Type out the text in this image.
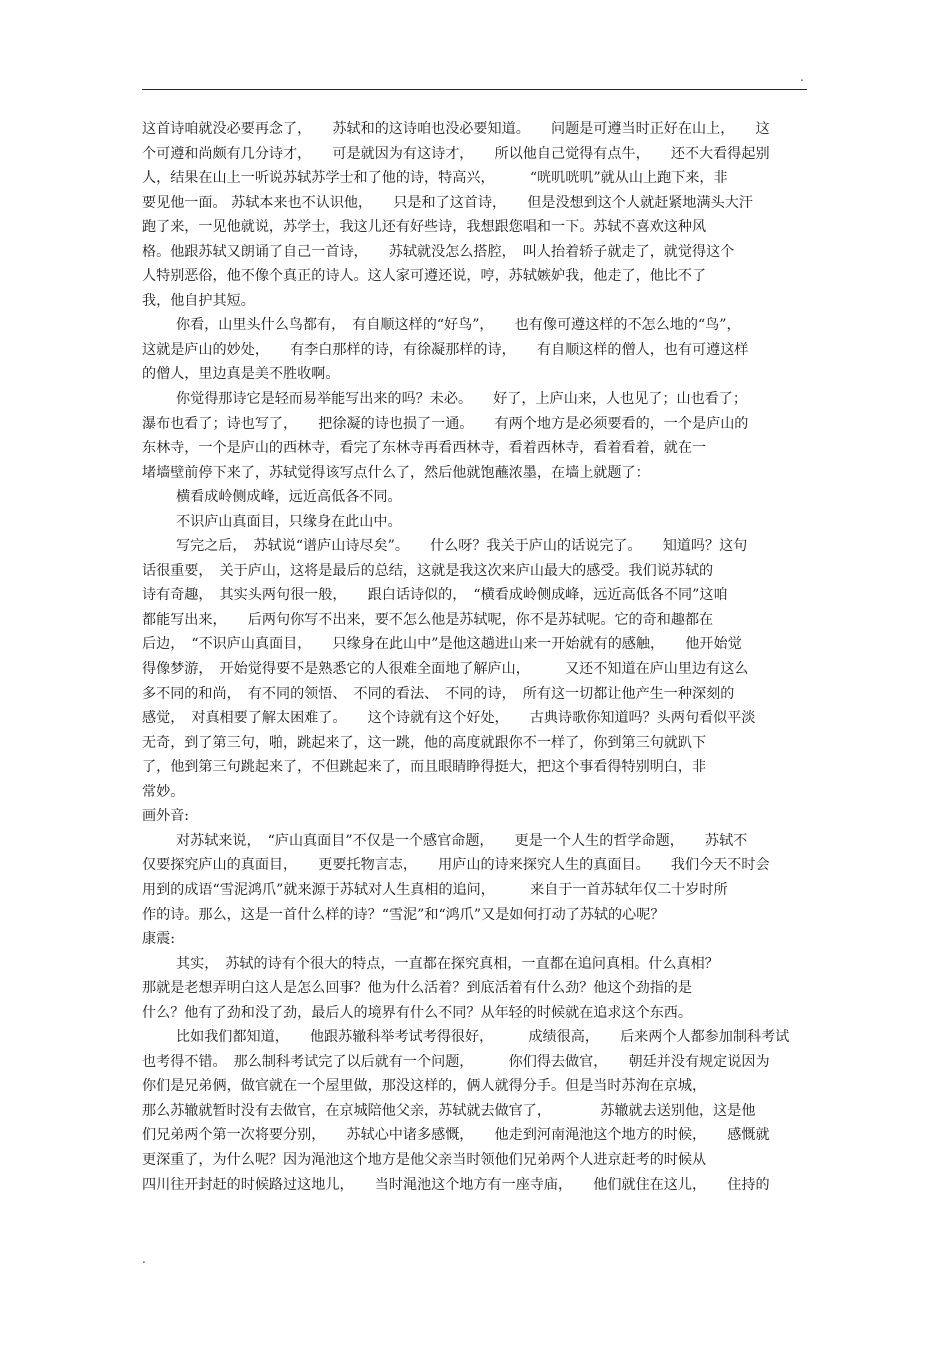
.
这首诗咱就没必要再念了，　　苏轼和的这诗咱也没必要知道。　　问题是可遵当时正好在山上，　　这
个可遵和尚颇有几分诗才，　　可是就因为有这诗才，　　所以他自己觉得有点牛，　　还不大看得起别
人，结果在山上一听说苏轼苏学士和了他的诗，特高兴，　　　“咣叽咣叽”就从山上跑下来，非
要见他一面。 苏轼本来也不认识他，　　只是和了这首诗，　　但是没想到这个人就赶紧地满头大汗
跑了来，一见他就说，苏学士，我这儿还有好些诗，我想跟您唱和一下。苏轼不喜欢这种风
格。他跟苏轼又朗诵了自己一首诗，　　苏轼就没怎么搭腔，　叫人抬着轿子就走了，就觉得这个
人特别恶俗，他不像个真正的诗人。这人家可遵还说，哼，苏轼嫉妒我，他走了，他比不了
我，他自护其短。
你看，山里头什么鸟都有，　有自顺这样的“好鸟”，　　也有像可遵这样的不怎么地的“鸟”，
这就是庐山的妙处，　　有李白那样的诗，有徐凝那样的诗，　　有自顺这样的僧人，也有可遵这样
的僧人，里边真是美不胜收啊。
你觉得那诗它是轻而易举能写出来的吗？未必。　　好了，上庐山来，人也见了；山也看了；
瀑布也看了；诗也写了，　　把徐凝的诗也损了一通。　　有两个地方是必须要看的，一个是庐山的
东林寺，一个是庐山的西林寺，看完了东林寺再看西林寺，看着西林寺，看着看着，就在一
堵墙壁前停下来了，苏轼觉得该写点什么了，然后他就饱蘸浓墨，在墙上就题了：
横看成岭侧成峰，远近高低各不同。
不识庐山真面目，只缘身在此山中。
写完之后，　苏轼说“谱庐山诗尽矣”。　　什么呀？我关于庐山的话说完了。　　知道吗？这句
话很重要，　关于庐山，这将是最后的总结，这就是我这次来庐山最大的感受。我们说苏轼的
诗有奇趣，　其实头两句很一般，　　跟白话诗似的，　“横看成岭侧成峰，远近高低各不同”这咱
都能写出来，　　后两句你写不出来，要不怎么他是苏轼呢，你不是苏轼呢。它的奇和趣都在
后边，　“不识庐山真面目，　　只缘身在此山中”是他这趟进山来一开始就有的感触，　　他开始觉
得像梦游，　开始觉得要不是熟悉它的人很难全面地了解庐山，　　　又还不知道在庐山里边有这么
多不同的和尚，　有不同的领悟、　不同的看法、　不同的诗，　所有这一切都让他产生一种深刻的
感觉，　对真相要了解太困难了。　　这个诗就有这个好处，　　古典诗歌你知道吗？头两句看似平淡
无奇，到了第三句，啪，跳起来了，这一跳，他的高度就跟你不一样了，你到第三句就趴下
了，他到第三句跳起来了，不但跳起来了，而且眼睛睁得挺大，把这个事看得特别明白，非
常妙。
画外音:
对苏轼来说，　“庐山真面目”不仅是一个感官命题，　　更是一个人生的哲学命题，　　苏轼不
仅要探究庐山的真面目，　　更要托物言志，　　用庐山的诗来探究人生的真面目。　　我们今天不时会
用到的成语“雪泥鸿爪”就来源于苏轼对人生真相的追问，　　　来自于一首苏轼年仅二十岁时所
作的诗。那么，这是一首什么样的诗？“雪泥”和“鸿爪”又是如何打动了苏轼的心呢？
康震:
其实，　苏轼的诗有个很大的特点，一直都在探究真相，一直都在追问真相。什么真相？
那就是老想弄明白这人是怎么回事？他为什么活着？到底活着有什么劲？他这个劲指的是
什么？他有了劲和没了劲，最后人的境界有什么不同？从年轻的时候就在追求这个东西。
比如我们都知道，　　他跟苏辙科举考试考得很好，　　　成绩很高，　　后来两个人都参加制科考试
也考得不错。　那么制科考试完了以后就有一个问题，　　　你们得去做官，　　朝廷并没有规定说因为
你们是兄弟俩，做官就在一个屋里做，那没这样的，俩人就得分手。但是当时苏洵在京城，
那么苏辙就暂时没有去做官，在京城陪他父亲，苏轼就去做官了，　　　　苏辙就去送别他，这是他
们兄弟两个第一次将要分别，　　苏轼心中诸多感慨，　　他走到河南渑池这个地方的时候，　　感慨就
更深重了，为什么呢？因为渑池这个地方是他父亲当时领他们兄弟两个人进京赶考的时候从
四川往开封赶的时候路过这地儿，　　当时渑池这个地方有一座寺庙，　　他们就住在这儿，　　住持的
.
